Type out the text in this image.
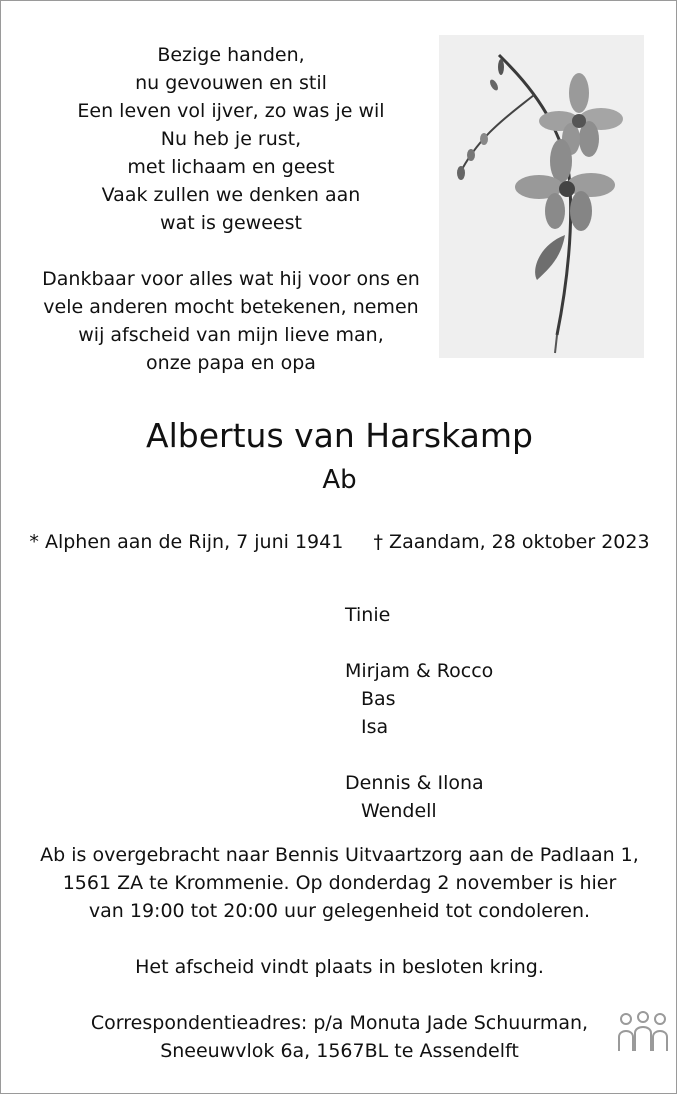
Bezige handen,
nu gevouwen en stil
Een leven vol ijver, zo was je wil
Nu heb je rust,
met lichaam en geest
Vaak zullen we denken aan
wat is geweest
Dankbaar voor alles wat hij voor ons en
vele anderen mocht betekenen, nemen
wij afscheid van mijn lieve man,
onze papa en opa
Albertus van Harskamp
Ab
* Alphen aan de Rijn, 7 juni 1941     † Zaandam, 28 oktober 2023
Tinie

Mirjam & Rocco
Bas
Isa

Dennis & Ilona
Wendell
Ab is overgebracht naar Bennis Uitvaartzorg aan de Padlaan 1,
1561 ZA te Krommenie. Op donderdag 2 november is hier
van 19:00 tot 20:00 uur gelegenheid tot condoleren.
Het afscheid vindt plaats in besloten kring.
Correspondentieadres: p/a Monuta Jade Schuurman,
Sneeuwvlok 6a, 1567BL te Assendelft
